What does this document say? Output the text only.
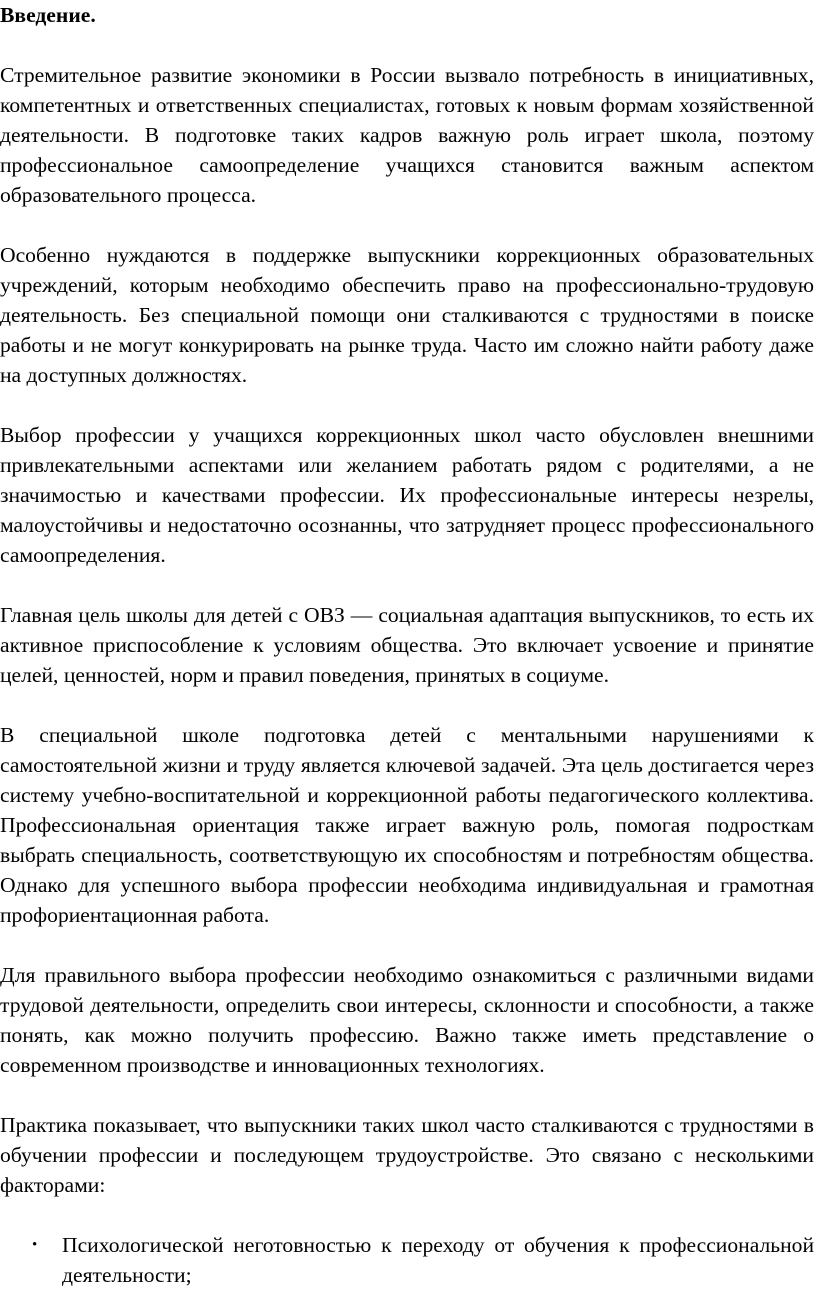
Введение.

Стремительное развитие экономики в России вызвало потребность в инициативных, компетентных и ответственных специалистах, готовых к новым формам хозяйственной деятельности. В подготовке таких кадров важную роль играет школа, поэтому профессиональное самоопределение учащихся становится важным аспектом образовательного процесса.

Особенно нуждаются в поддержке выпускники коррекционных образовательных учреждений, которым необходимо обеспечить право на профессионально-трудовую деятельность. Без специальной помощи они сталкиваются с трудностями в поиске работы и не могут конкурировать на рынке труда. Часто им сложно найти работу даже на доступных должностях.

Выбор профессии у учащихся коррекционных школ часто обусловлен внешними привлекательными аспектами или желанием работать рядом с родителями, а не значимостью и качествами профессии. Их профессиональные интересы незрелы, малоустойчивы и недостаточно осознанны, что затрудняет процесс профессионального самоопределения.

Главная цель школы для детей с ОВЗ — социальная адаптация выпускников, то есть их активное приспособление к условиям общества. Это включает усвоение и принятие целей, ценностей, норм и правил поведения, принятых в социуме.

В специальной школе подготовка детей с ментальными нарушениями к самостоятельной жизни и труду является ключевой задачей. Эта цель достигается через систему учебно-воспитательной и коррекционной работы педагогического коллектива. Профессиональная ориентация также играет важную роль, помогая подросткам выбрать специальность, соответствующую их способностям и потребностям общества. Однако для успешного выбора профессии необходима индивидуальная и грамотная профориентационная работа.

Для правильного выбора профессии необходимо ознакомиться с различными видами трудовой деятельности, определить свои интересы, склонности и способности, а также понять, как можно получить профессию. Важно также иметь представление о современном производстве и инновационных технологиях.

Практика показывает, что выпускники таких школ часто сталкиваются с трудностями в обучении профессии и последующем трудоустройстве. Это связано с несколькими факторами:

•	Психологической неготовностью к переходу от обучения к профессиональной деятельности;
